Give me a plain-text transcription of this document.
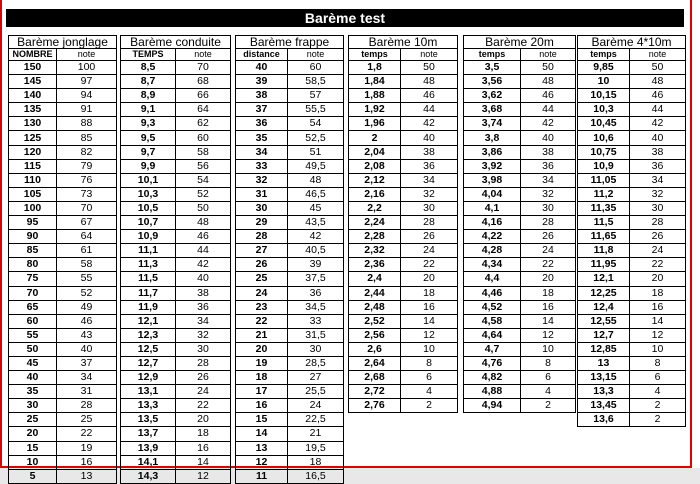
Barème test
Barème jonglage	
NOMBRE	note
150	100
145	97
140	94
135	91
130	88
125	85
120	82
115	79
110	76
105	73
100	70
95	67
90	64
85	61
80	58
75	55
70	52
65	49
60	46
55	43
50	40
45	37
40	34
35	31
30	28
25	25
20	22
15	19
10	16
5	13
Barème conduite	
TEMPS	note
8,5	70
8,7	68
8,9	66
9,1	64
9,3	62
9,5	60
9,7	58
9,9	56
10,1	54
10,3	52
10,5	50
10,7	48
10,9	46
11,1	44
11,3	42
11,5	40
11,7	38
11,9	36
12,1	34
12,3	32
12,5	30
12,7	28
12,9	26
13,1	24
13,3	22
13,5	20
13,7	18
13,9	16
14,1	14
14,3	12
Barème frappe	
distance	note
40	60
39	58,5
38	57
37	55,5
36	54
35	52,5
34	51
33	49,5
32	48
31	46,5
30	45
29	43,5
28	42
27	40,5
26	39
25	37,5
24	36
23	34,5
22	33
21	31,5
20	30
19	28,5
18	27
17	25,5
16	24
15	22,5
14	21
13	19,5
12	18
11	16,5
Barème 10m	
temps	note
1,8	50
1,84	48
1,88	46
1,92	44
1,96	42
2	40
2,04	38
2,08	36
2,12	34
2,16	32
2,2	30
2,24	28
2,28	26
2,32	24
2,36	22
2,4	20
2,44	18
2,48	16
2,52	14
2,56	12
2,6	10
2,64	8
2,68	6
2,72	4
2,76	2
Barème 20m	
temps	note
3,5	50
3,56	48
3,62	46
3,68	44
3,74	42
3,8	40
3,86	38
3,92	36
3,98	34
4,04	32
4,1	30
4,16	28
4,22	26
4,28	24
4,34	22
4,4	20
4,46	18
4,52	16
4,58	14
4,64	12
4,7	10
4,76	8
4,82	6
4,88	4
4,94	2
Barème 4*10m	
temps	note
9,85	50
10	48
10,15	46
10,3	44
10,45	42
10,6	40
10,75	38
10,9	36
11,05	34
11,2	32
11,35	30
11,5	28
11,65	26
11,8	24
11,95	22
12,1	20
12,25	18
12,4	16
12,55	14
12,7	12
12,85	10
13	8
13,15	6
13,3	4
13,45	2
13,6	2
